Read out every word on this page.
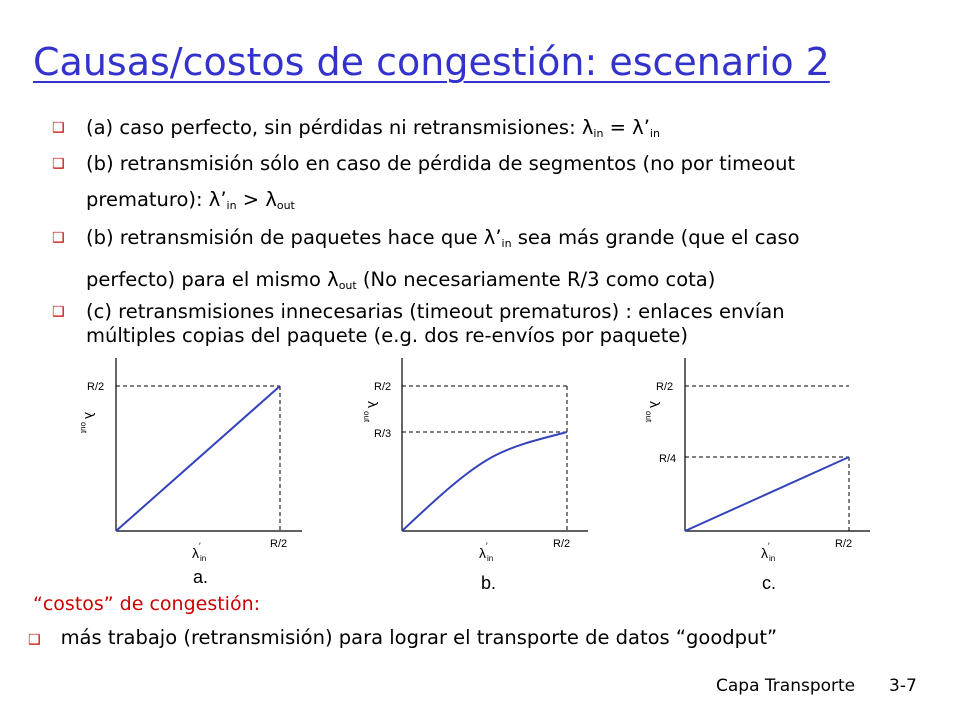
Causas/costos de congestión: escenario 2
❑ (a) caso perfecto, sin pérdidas ni retransmisiones: $\lambda_{in}$ = $\lambda’_{in}$
❑ (b) retransmisión sólo en caso de pérdida de segmentos (no por timeout
prematuro): $\lambda’_{in} > \lambda_{out}$
❑ (b) retransmisión de paquetes hace que $\lambda’_{in}$ sea más grande (que el caso
perfecto) para el mismo $\lambda_{out}$ (No necesariamente R/3 como cota)
❑ (c) retransmisiones innecesarias (timeout prematuros) : enlaces envían
múltiples copias del paquete (e.g. dos re-envíos por paquete)
R/2
R/2
λ
out
λ ′
in
a.
R/2
R/3
R/2
λ
out
λ ′
in
b.
R/2
R/4
R/2
λ
out
λ ′
in
c.
“costos” de congestión:
❑ más trabajo (retransmisión) para lograr el transporte de datos “goodput”
Capa Transporte 3-7
